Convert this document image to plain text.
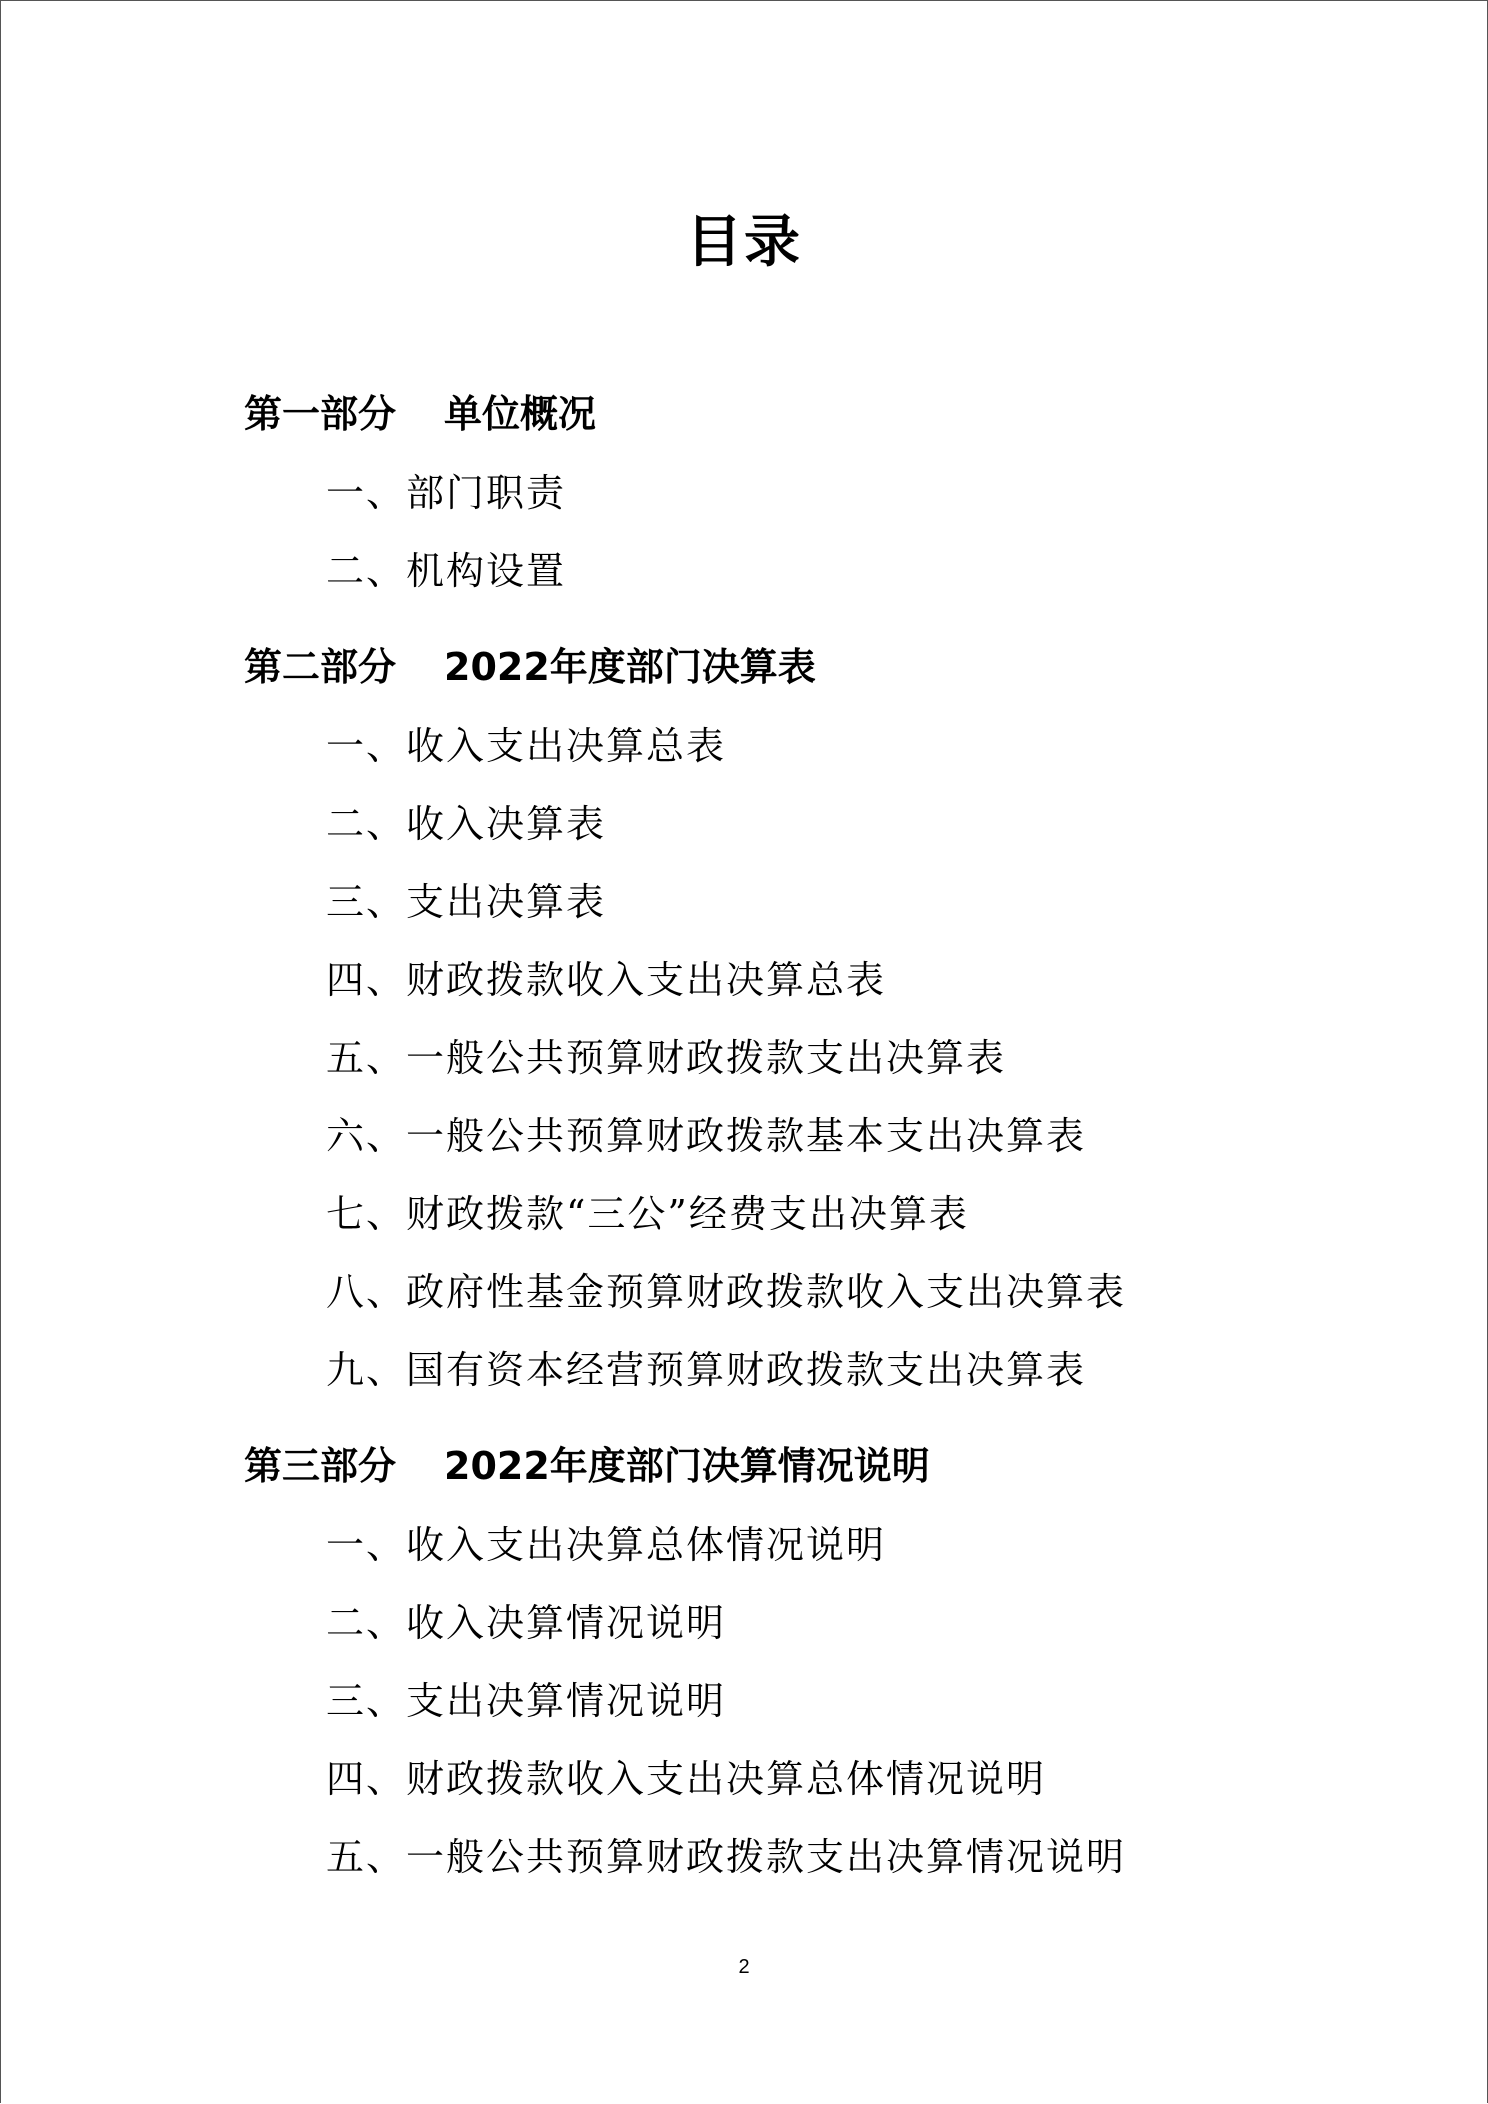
目录
第一部分 单位概况
一、部门职责
二、机构设置
第二部分 2022年度部门决算表
一、收入支出决算总表
二、收入决算表
三、支出决算表
四、财政拨款收入支出决算总表
五、一般公共预算财政拨款支出决算表
六、一般公共预算财政拨款基本支出决算表
七、财政拨款“三公”经费支出决算表
八、政府性基金预算财政拨款收入支出决算表
九、国有资本经营预算财政拨款支出决算表
第三部分 2022年度部门决算情况说明
一、收入支出决算总体情况说明
二、收入决算情况说明
三、支出决算情况说明
四、财政拨款收入支出决算总体情况说明
五、一般公共预算财政拨款支出决算情况说明
2
